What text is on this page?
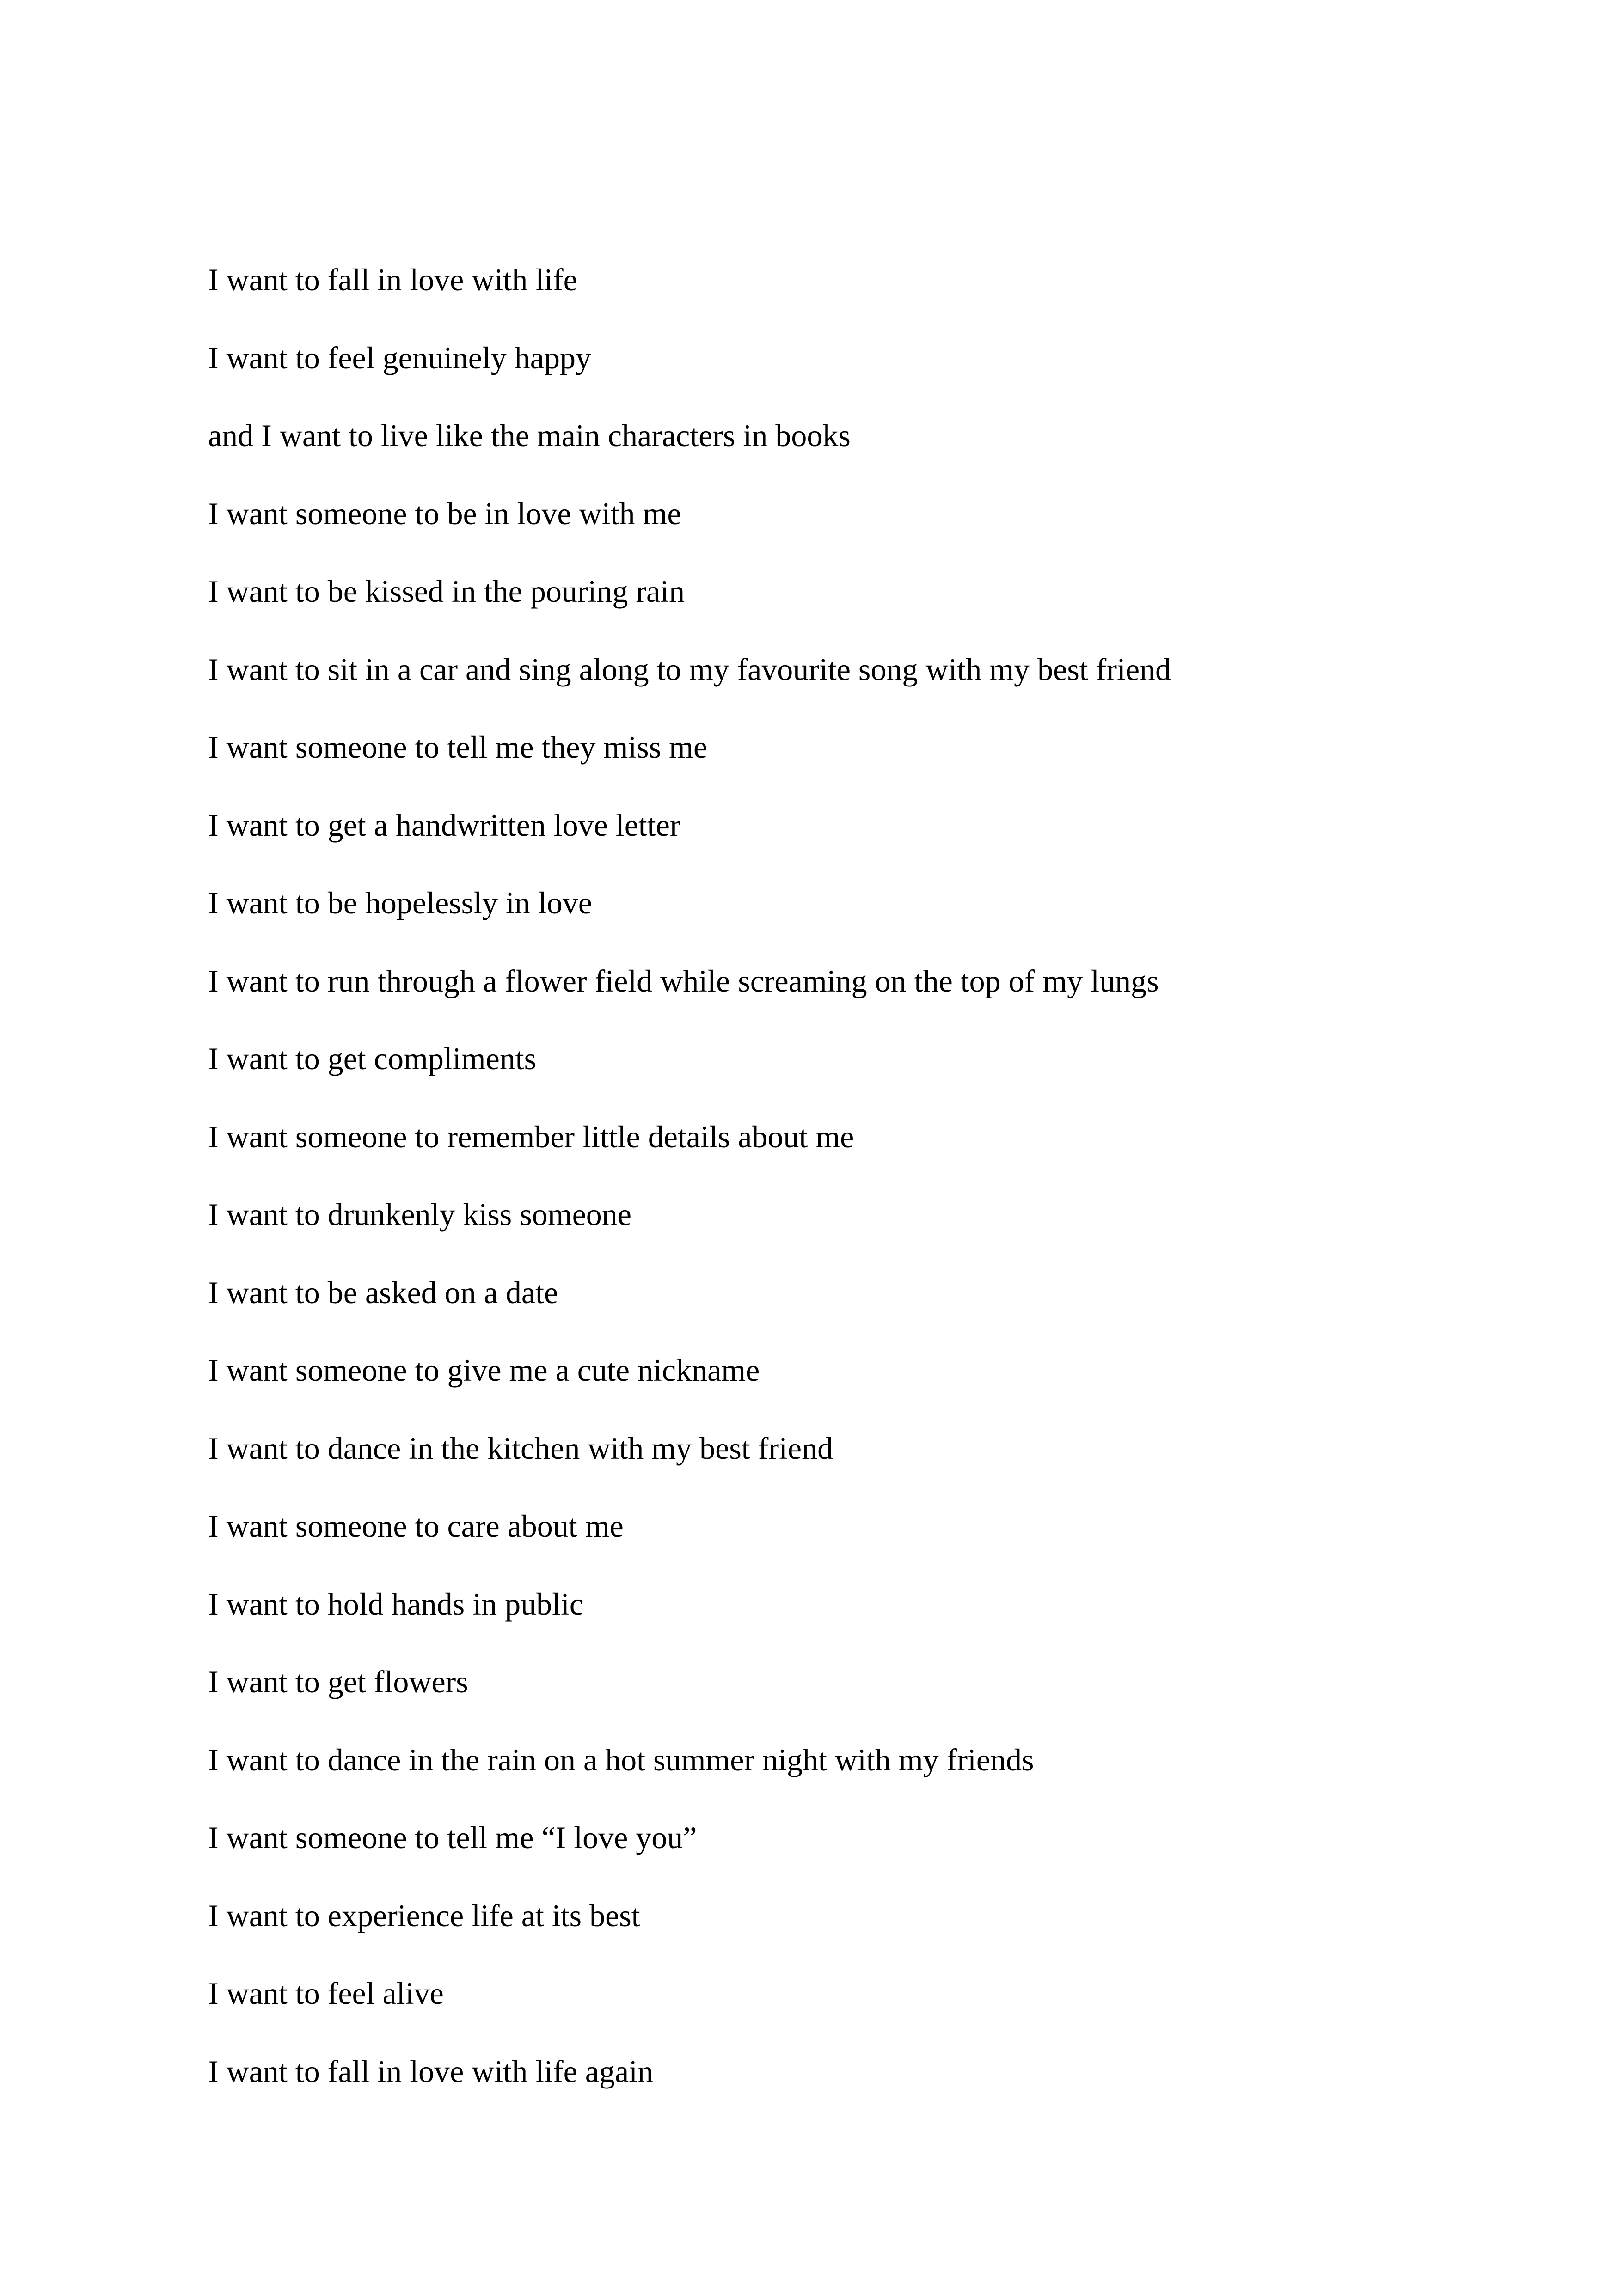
I want to fall in love with life
I want to feel genuinely happy
and I want to live like the main characters in books
I want someone to be in love with me
I want to be kissed in the pouring rain
I want to sit in a car and sing along to my favourite song with my best friend
I want someone to tell me they miss me
I want to get a handwritten love letter
I want to be hopelessly in love
I want to run through a flower field while screaming on the top of my lungs
I want to get compliments
I want someone to remember little details about me
I want to drunkenly kiss someone
I want to be asked on a date
I want someone to give me a cute nickname
I want to dance in the kitchen with my best friend
I want someone to care about me
I want to hold hands in public
I want to get flowers
I want to dance in the rain on a hot summer night with my friends
I want someone to tell me “I love you”
I want to experience life at its best
I want to feel alive
I want to fall in love with life again
